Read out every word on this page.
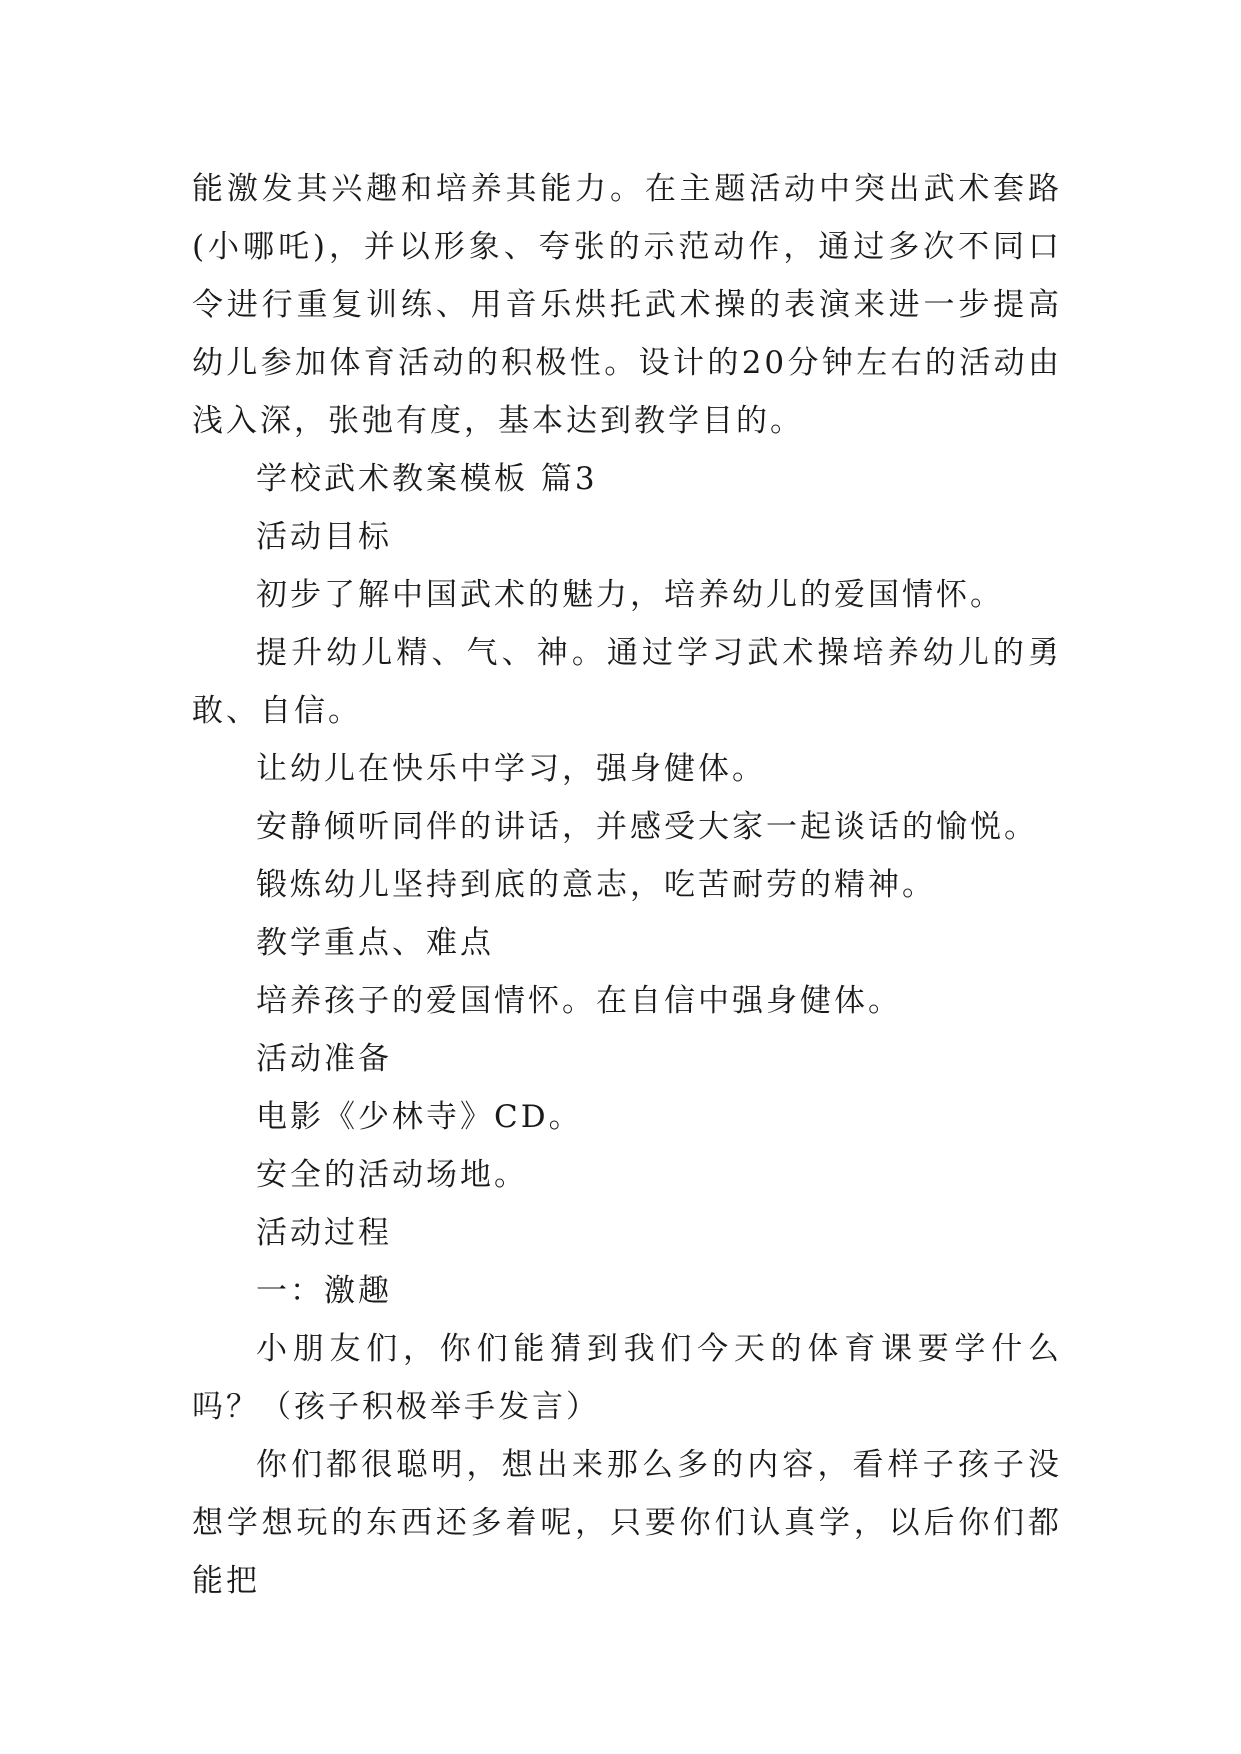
能激发其兴趣和培养其能力。在主题活动中突出武术套路(小哪吒)，并以形象、夸张的示范动作，通过多次不同口令进行重复训练、用音乐烘托武术操的表演来进一步提高幼儿参加体育活动的积极性。设计的20分钟左右的活动由浅入深，张弛有度，基本达到教学目的。

学校武术教案模板 篇3

活动目标

初步了解中国武术的魅力，培养幼儿的爱国情怀。

提升幼儿精、气、神。通过学习武术操培养幼儿的勇敢、自信。

让幼儿在快乐中学习，强身健体。

安静倾听同伴的讲话，并感受大家一起谈话的愉悦。

锻炼幼儿坚持到底的意志，吃苦耐劳的精神。

教学重点、难点

培养孩子的爱国情怀。在自信中强身健体。

活动准备

电影《少林寺》CD。

安全的活动场地。

活动过程

一：激趣

小朋友们，你们能猜到我们今天的体育课要学什么吗？（孩子积极举手发言）

你们都很聪明，想出来那么多的内容，看样子孩子没想学想玩的东西还多着呢，只要你们认真学，以后你们都能把
